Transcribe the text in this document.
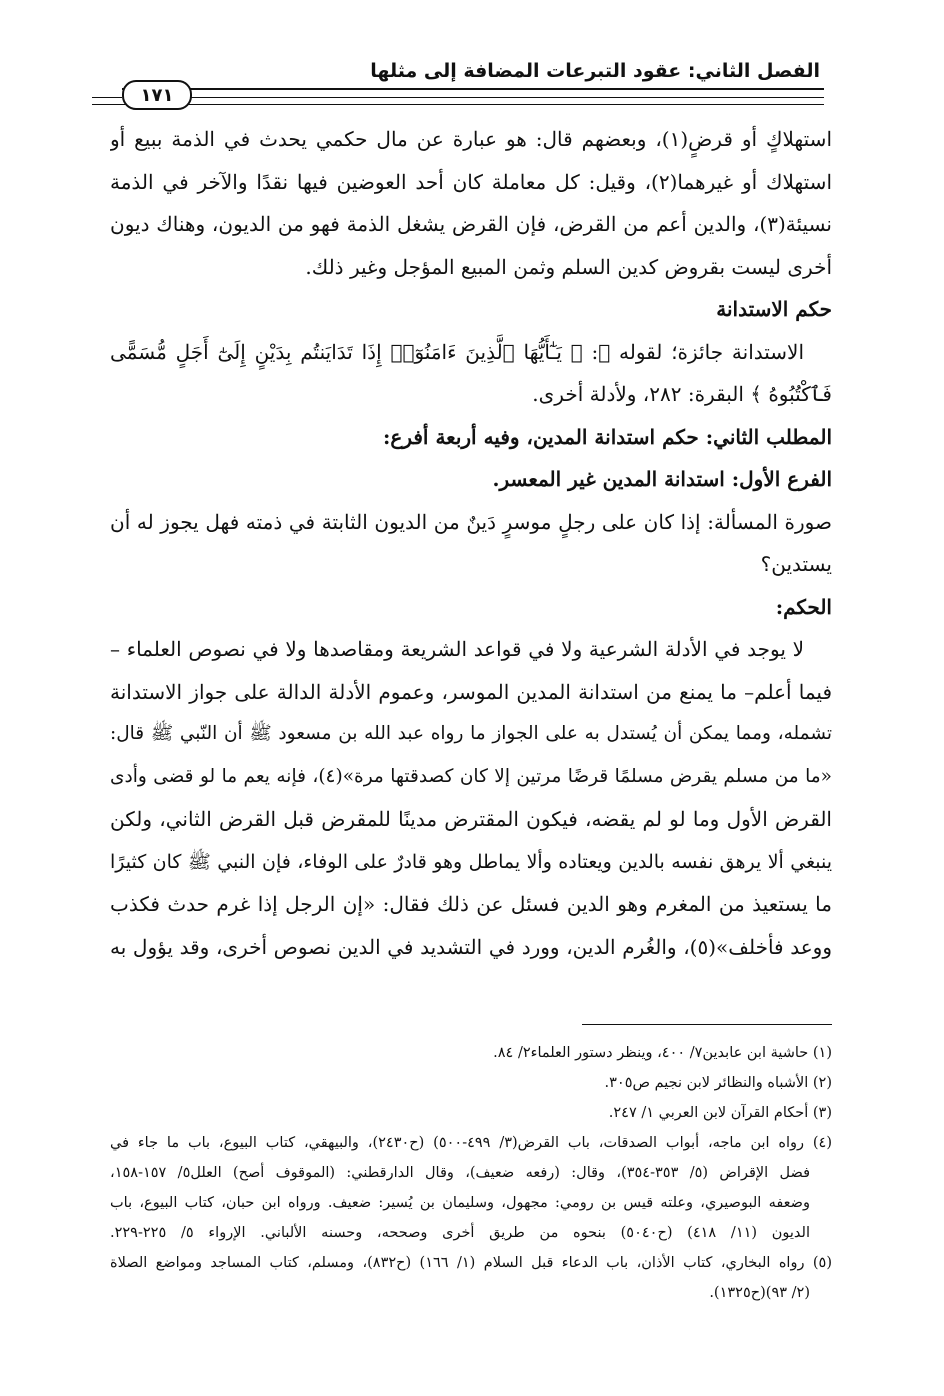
الفصل الثاني: عقود التبرعات المضافة إلى مثلها
١٧١
استهلاكٍ أو قرضٍ(١)، وبعضهم قال: هو عبارة عن مال حكمي يحدث في الذمة ببيع أو
استهلاك أو غيرهما(٢)، وقيل: كل معاملة كان أحد العوضين فيها نقدًا والآخر في الذمة
نسيئة(٣)، والدين أعم من القرض، فإن القرض يشغل الذمة فهو من الديون، وهناك ديون
أخرى ليست بقروض كدين السلم وثمن المبيع المؤجل وغير ذلك.
حكم الاستدانة
الاستدانة جائزة؛ لقوله ﷺ: ﴿ يَـٰٓأَيُّهَا ٱلَّذِينَ ءَامَنُوٓا۟ إِذَا تَدَايَنتُم بِدَيْنٍ إِلَىٰٓ أَجَلٍ مُّسَمًّى
فَٱكْتُبُوهُ ﴾ البقرة: ٢٨٢، ولأدلة أخرى.
المطلب الثاني: حكم استدانة المدين، وفيه أربعة أفرع:
الفرع الأول: استدانة المدين غير المعسر.
صورة المسألة: إذا كان على رجلٍ موسرٍ دَينٌ من الديون الثابتة في ذمته فهل يجوز له أن
يستدين؟
الحكم:
لا يوجد في الأدلة الشرعية ولا في قواعد الشريعة ومقاصدها ولا في نصوص العلماء –
فيما أعلم– ما يمنع من استدانة المدين الموسر، وعموم الأدلة الدالة على جواز الاستدانة
تشمله، ومما يمكن أن يُستدل به على الجواز ما رواه عبد الله بن مسعود ﷺ أن النّبي ﷺ قال:
«ما من مسلم يقرض مسلمًا قرضًا مرتين إلا كان كصدقتها مرة»(٤)، فإنه يعم ما لو قضى وأدى
القرض الأول وما لو لم يقضه، فيكون المقترض مدينًا للمقرض قبل القرض الثاني، ولكن
ينبغي ألا يرهق نفسه بالدين ويعتاده وألا يماطل وهو قادرٌ على الوفاء، فإن النبي ﷺ كان كثيرًا
ما يستعيذ من المغرم وهو الدين فسئل عن ذلك فقال: «إن الرجل إذا غرم حدث فكذب
ووعد فأخلف»(٥)، والغُرم الدين، وورد في التشديد في الدين نصوص أخرى، وقد يؤول به
(١) حاشية ابن عابدين٧/ ٤٠٠، وينظر دستور العلماء٢/ ٨٤.
(٢) الأشباه والنظائر لابن نجيم ص٣٠٥.
(٣) أحكام القرآن لابن العربي ١/ ٢٤٧.
(٤) رواه ابن ماجه، أبواب الصدقات، باب القرض(٣/ ٤٩٩-٥٠٠) (ح٢٤٣٠)، والبيهقي، كتاب البيوع، باب ما جاء في
فضل الإقراض (٥/ ٣٥٣-٣٥٤)، وقال: (رفعه ضعيف)، وقال الدارقطني: (الموقوف أصح) العلل٥/ ١٥٧-١٥٨،
وضعفه البوصيري، وعلته قيس بن رومي: مجهول، وسليمان بن يُسير: ضعيف. ورواه ابن حبان، كتاب البيوع، باب
الديون (١١/ ٤١٨) (ح٥٠٤٠) بنحوه من طريق أخرى وصححه، وحسنه الألباني. الإرواء ٥/ ٢٢٥-٢٢٩.
(٥) رواه البخاري، كتاب الأذان، باب الدعاء قبل السلام (١/ ١٦٦) (ح٨٣٢)، ومسلم، كتاب المساجد ومواضع الصلاة
(٢/ ٩٣)(ح١٣٢٥).
